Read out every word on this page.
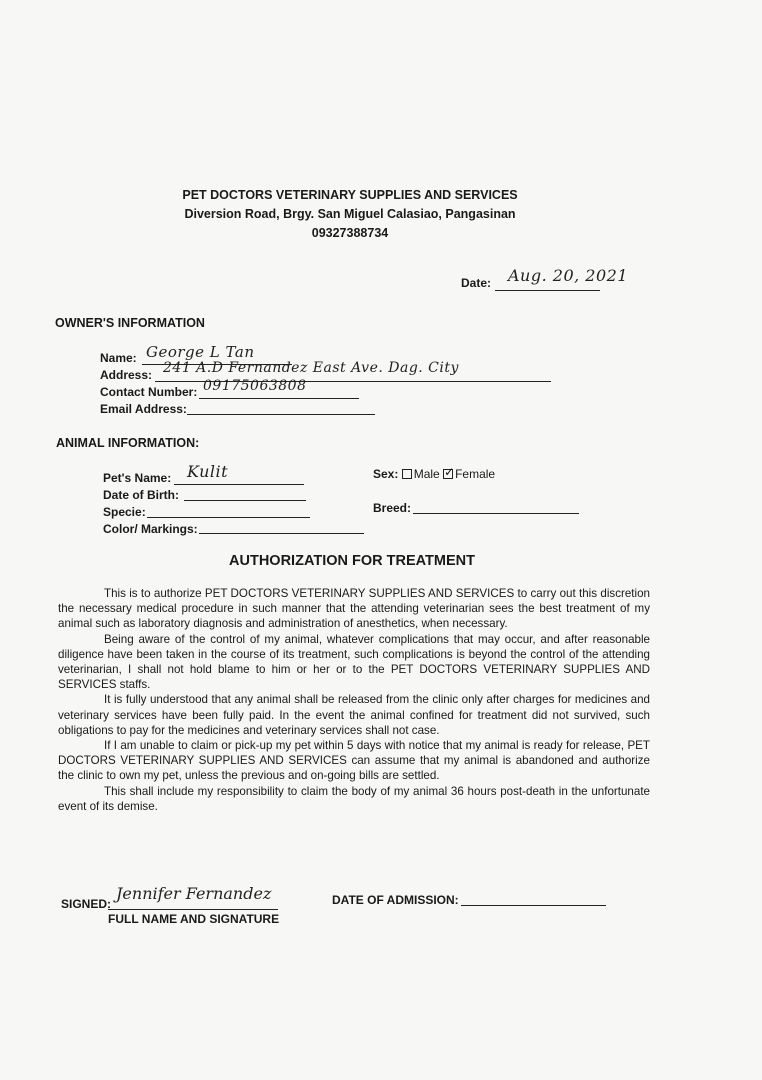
PET DOCTORS VETERINARY SUPPLIES AND SERVICES
Diversion Road, Brgy. San Miguel Calasiao, Pangasinan
09327388734
Date: Aug. 20, 2021
OWNER'S INFORMATION
Name: George L Tan
Address: 241 A.D Fernandez East Ave. Dag. City
Contact Number: 09175063808
Email Address:
ANIMAL INFORMATION:
Pet's Name: Kulit
Date of Birth:
Specie:
Color/ Markings:
Sex: Male ✓ Female
Breed:
AUTHORIZATION FOR TREATMENT

This is to authorize PET DOCTORS VETERINARY SUPPLIES AND SERVICES to carry out this discretion the necessary medical procedure in such manner that the attending veterinarian sees the best treatment of my animal such as laboratory diagnosis and administration of anesthetics, when necessary.

Being aware of the control of my animal, whatever complications that may occur, and after reasonable diligence have been taken in the course of its treatment, such complications is beyond the control of the attending veterinarian, I shall not hold blame to him or her or to the PET DOCTORS VETERINARY SUPPLIES AND SERVICES staffs.

It is fully understood that any animal shall be released from the clinic only after charges for medicines and veterinary services have been fully paid. In the event the animal confined for treatment did not survived, such obligations to pay for the medicines and veterinary services shall not case.

If I am unable to claim or pick-up my pet within 5 days with notice that my animal is ready for release, PET DOCTORS VETERINARY SUPPLIES AND SERVICES can assume that my animal is abandoned and authorize the clinic to own my pet, unless the previous and on-going bills are settled.

This shall include my responsibility to claim the body of my animal 36 hours post-death in the unfortunate event of its demise.

SIGNED:
Jennifer Fernandez
FULL NAME AND SIGNATURE
DATE OF ADMISSION:
